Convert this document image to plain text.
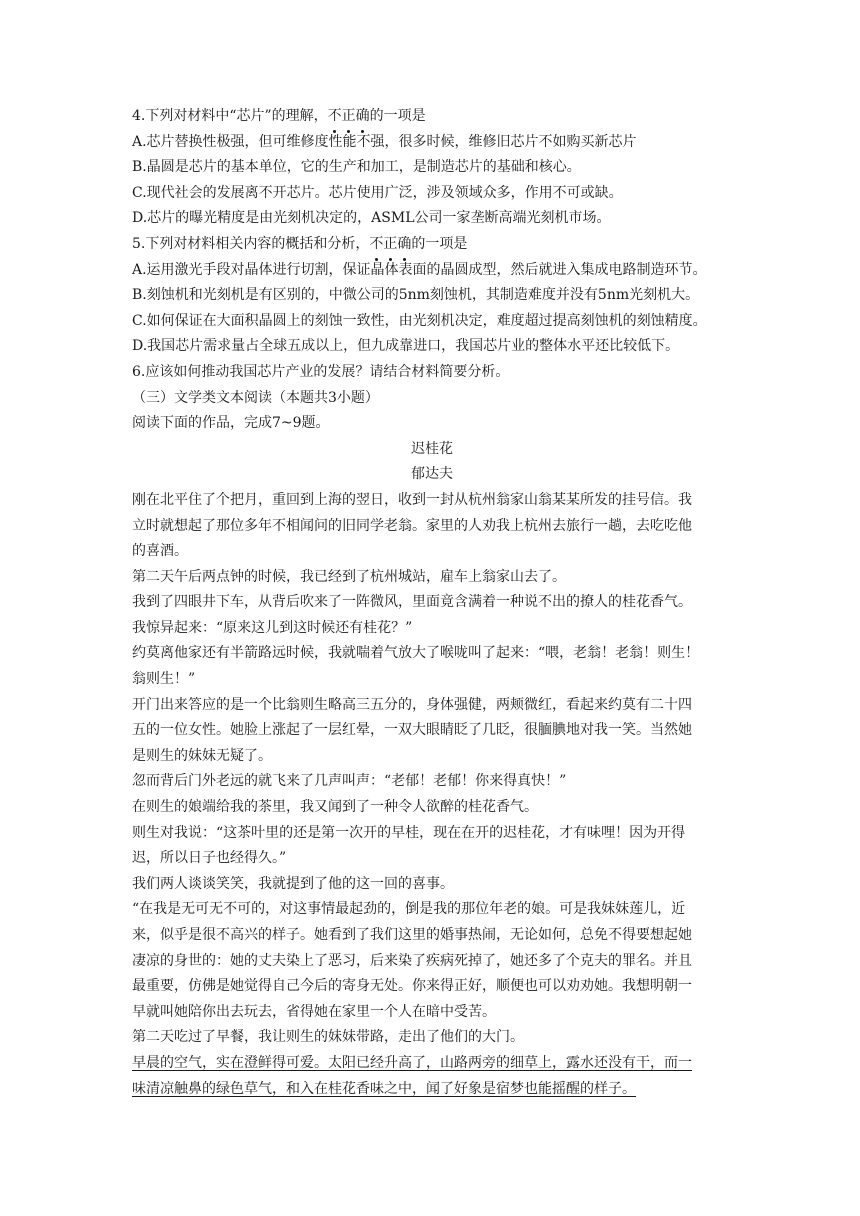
4.下列对材料中“芯片”的理解，不正确的一项是
A.芯片替换性极强，但可维修度性能不强，很多时候，维修旧芯片不如购买新芯片
B.晶圆是芯片的基本单位，它的生产和加工，是制造芯片的基础和核心。
C.现代社会的发展离不开芯片。芯片使用广泛，涉及领域众多，作用不可或缺。
D.芯片的曝光精度是由光刻机决定的，ASML公司一家垄断高端光刻机市场。
5.下列对材料相关内容的概括和分析，不正确的一项是
A.运用激光手段对晶体进行切割，保证晶体表面的晶圆成型，然后就进入集成电路制造环节。
B.刻蚀机和光刻机是有区别的，中微公司的5nm刻蚀机，其制造难度并没有5nm光刻机大。
C.如何保证在大面积晶圆上的刻蚀一致性，由光刻机决定，难度超过提高刻蚀机的刻蚀精度。
D.我国芯片需求量占全球五成以上，但九成靠进口，我国芯片业的整体水平还比较低下。
6.应该如何推动我国芯片产业的发展？请结合材料简要分析。
（三）文学类文本阅读（本题共3小题）
阅读下面的作品，完成7~9题。
迟桂花
郁达夫
刚在北平住了个把月，重回到上海的翌日，收到一封从杭州翁家山翁某某所发的挂号信。我
立时就想起了那位多年不相闻问的旧同学老翁。家里的人劝我上杭州去旅行一趟，去吃吃他
的喜酒。
第二天午后两点钟的时候，我已经到了杭州城站，雇车上翁家山去了。
我到了四眼井下车，从背后吹来了一阵微风，里面竟含满着一种说不出的撩人的桂花香气。
我惊异起来：“原来这儿到这时候还有桂花？”
约莫离他家还有半箭路远时候，我就喘着气放大了喉咙叫了起来：“喂，老翁！老翁！则生！
翁则生！”
开门出来答应的是一个比翁则生略高三五分的，身体强健，两颊微红，看起来约莫有二十四
五的一位女性。她脸上涨起了一层红晕，一双大眼睛眨了几眨，很腼腆地对我一笑。当然她
是则生的妹妹无疑了。
忽而背后门外老远的就飞来了几声叫声：“老郁！老郁！你来得真快！”
在则生的娘端给我的茶里，我又闻到了一种令人欲醉的桂花香气。
则生对我说：“这茶叶里的还是第一次开的早桂，现在在开的迟桂花，才有味哩！因为开得
迟，所以日子也经得久。”
我们两人谈谈笑笑，我就提到了他的这一回的喜事。
“在我是无可无不可的，对这事情最起劲的，倒是我的那位年老的娘。可是我妹妹莲儿，近
来，似乎是很不高兴的样子。她看到了我们这里的婚事热闹，无论如何，总免不得要想起她
凄凉的身世的：她的丈夫染上了恶习，后来染了疾病死掉了，她还多了个克夫的罪名。并且
最重要，仿佛是她觉得自己今后的寄身无处。你来得正好，顺便也可以劝劝她。我想明朝一
早就叫她陪你出去玩去，省得她在家里一个人在暗中受苦。
第二天吃过了早餐，我让则生的妹妹带路，走出了他们的大门。
早晨的空气，实在澄鲜得可爱。太阳已经升高了，山路两旁的细草上，露水还没有干，而一
味清凉触鼻的绿色草气，和入在桂花香味之中，闻了好象是宿梦也能摇醒的样子。
